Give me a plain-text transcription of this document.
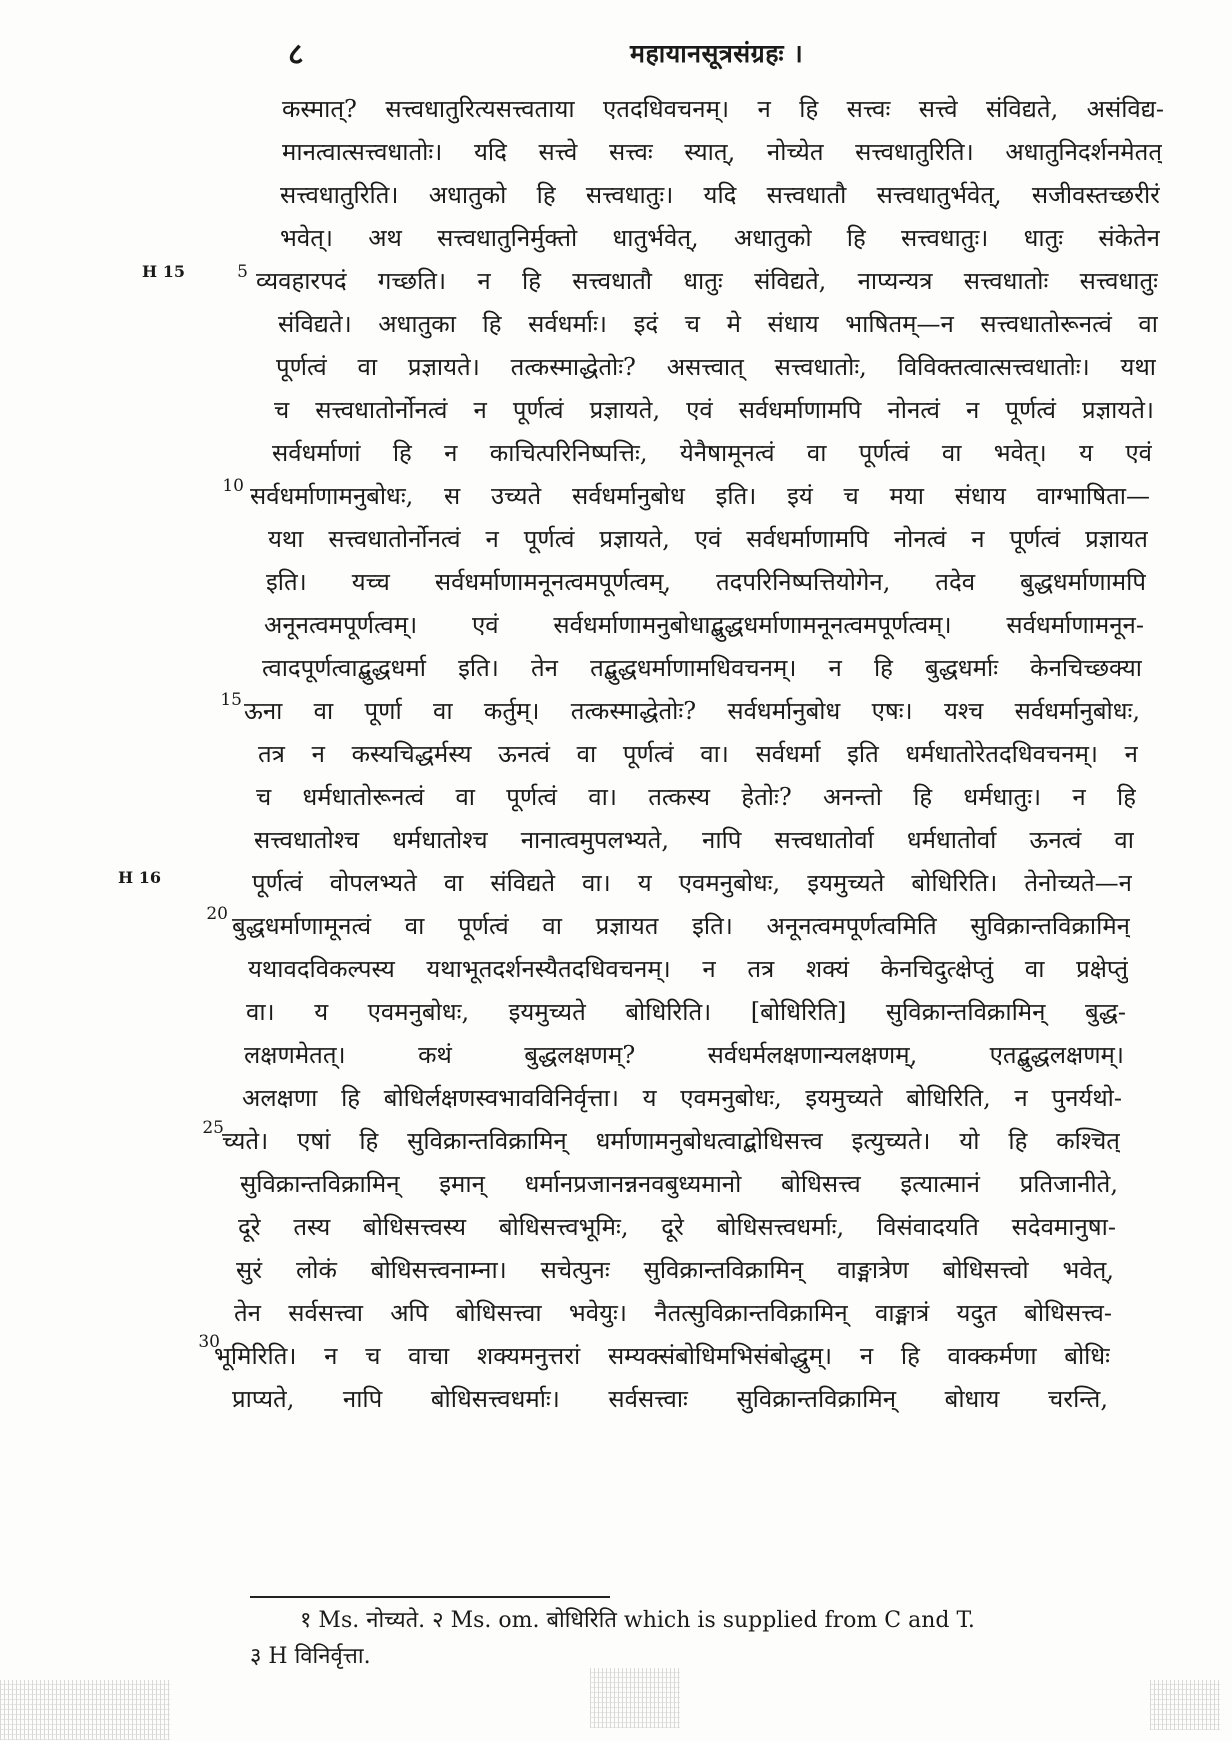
८	महायानसूत्रसंग्रहः ।
H 15
H 16
5
10
15
20
25
30
कस्मात्? सत्त्वधातुरित्यसत्त्वताया एतदधिवचनम्। न हि सत्त्वः सत्त्वे संविद्यते, असंविद्य-
मानत्वात्सत्त्वधातोः। यदि सत्त्वे सत्त्वः स्यात्, नोच्येत सत्त्वधातुरिति। अधातुनिदर्शनमेतत्
सत्त्वधातुरिति। अधातुको हि सत्त्वधातुः। यदि सत्त्वधातौ सत्त्वधातुर्भवेत्, सजीवस्तच्छरीरं
भवेत्। अथ सत्त्वधातुनिर्मुक्तो धातुर्भवेत्, अधातुको हि सत्त्वधातुः। धातुः संकेतेन
व्यवहारपदं गच्छति। न हि सत्त्वधातौ धातुः संविद्यते, नाप्यन्यत्र सत्त्वधातोः सत्त्वधातुः
संविद्यते। अधातुका हि सर्वधर्माः। इदं च मे संधाय भाषितम्—न सत्त्वधातोरूनत्वं वा
पूर्णत्वं वा प्रज्ञायते। तत्कस्माद्धेतोः? असत्त्वात् सत्त्वधातोः, विविक्तत्वात्सत्त्वधातोः। यथा
च सत्त्वधातोर्नोनत्वं न पूर्णत्वं प्रज्ञायते, एवं सर्वधर्माणामपि नोनत्वं न पूर्णत्वं प्रज्ञायते।
सर्वधर्माणां हि न काचित्परिनिष्पत्तिः, येनैषामूनत्वं वा पूर्णत्वं वा भवेत्। य एवं
सर्वधर्माणामनुबोधः, स उच्यते सर्वधर्मानुबोध इति। इयं च मया संधाय वाग्भाषिता—
यथा सत्त्वधातोर्नोनत्वं न पूर्णत्वं प्रज्ञायते, एवं सर्वधर्माणामपि नोनत्वं न पूर्णत्वं प्रज्ञायत
इति। यच्च सर्वधर्माणामनूनत्वमपूर्णत्वम्, तदपरिनिष्पत्तियोगेन, तदेव बुद्धधर्माणामपि
अनूनत्वमपूर्णत्वम्। एवं सर्वधर्माणामनुबोधाद्बुद्धधर्माणामनूनत्वमपूर्णत्वम्। सर्वधर्माणामनून-
त्वादपूर्णत्वाद्बुद्धधर्मा इति। तेन तद्बुद्धधर्माणामधिवचनम्। न हि बुद्धधर्माः केनचिच्छक्या
ऊना वा पूर्णा वा कर्तुम्। तत्कस्माद्धेतोः? सर्वधर्मानुबोध एषः। यश्च सर्वधर्मानुबोधः,
तत्र न कस्यचिद्धर्मस्य ऊनत्वं वा पूर्णत्वं वा। सर्वधर्मा इति धर्मधातोरेतदधिवचनम्। न
च धर्मधातोरूनत्वं वा पूर्णत्वं वा। तत्कस्य हेतोः? अनन्तो हि धर्मधातुः। न हि
सत्त्वधातोश्च धर्मधातोश्च नानात्वमुपलभ्यते, नापि सत्त्वधातोर्वा धर्मधातोर्वा ऊनत्वं वा
पूर्णत्वं वोपलभ्यते वा संविद्यते वा। य एवमनुबोधः, इयमुच्यते बोधिरिति। तेनोच्यते—न
बुद्धधर्माणामूनत्वं वा पूर्णत्वं वा प्रज्ञायत इति। अनूनत्वमपूर्णत्वमिति सुविक्रान्तविक्रामिन्
यथावदविकल्पस्य यथाभूतदर्शनस्यैतदधिवचनम्। न तत्र शक्यं केनचिदुत्क्षेप्तुं वा प्रक्षेप्तुं
वा। य एवमनुबोधः, इयमुच्यते बोधिरिति। [बोधिरिति] सुविक्रान्तविक्रामिन् बुद्ध-
लक्षणमेतत्। कथं बुद्धलक्षणम्? सर्वधर्मलक्षणान्यलक्षणम्, एतद्बुद्धलक्षणम्।
अलक्षणा हि बोधिर्लक्षणस्वभावविनिर्वृत्ता। य एवमनुबोधः, इयमुच्यते बोधिरिति, न पुनर्यथो-
च्यते। एषां हि सुविक्रान्तविक्रामिन् धर्माणामनुबोधत्वाद्बोधिसत्त्व इत्युच्यते। यो हि कश्चित्
सुविक्रान्तविक्रामिन् इमान् धर्मानप्रजानन्ननवबुध्यमानो बोधिसत्त्व इत्यात्मानं प्रतिजानीते,
दूरे तस्य बोधिसत्त्वस्य बोधिसत्त्वभूमिः, दूरे बोधिसत्त्वधर्माः, विसंवादयति सदेवमानुषा-
सुरं लोकं बोधिसत्त्वनाम्ना। सचेत्पुनः सुविक्रान्तविक्रामिन् वाङ्मात्रेण बोधिसत्त्वो भवेत्,
तेन सर्वसत्त्वा अपि बोधिसत्त्वा भवेयुः। नैतत्सुविक्रान्तविक्रामिन् वाङ्मात्रं यदुत बोधिसत्त्व-
भूमिरिति। न च वाचा शक्यमनुत्तरां सम्यक्संबोधिमभिसंबोद्धुम्। न हि वाक्कर्मणा बोधिः
प्राप्यते, नापि बोधिसत्त्वधर्माः। सर्वसत्त्वाः सुविक्रान्तविक्रामिन् बोधाय चरन्ति,
१ Ms. नोच्यते. २ Ms. om. बोधिरिति which is supplied from C and T.
३ H विनिर्वृत्ता.
